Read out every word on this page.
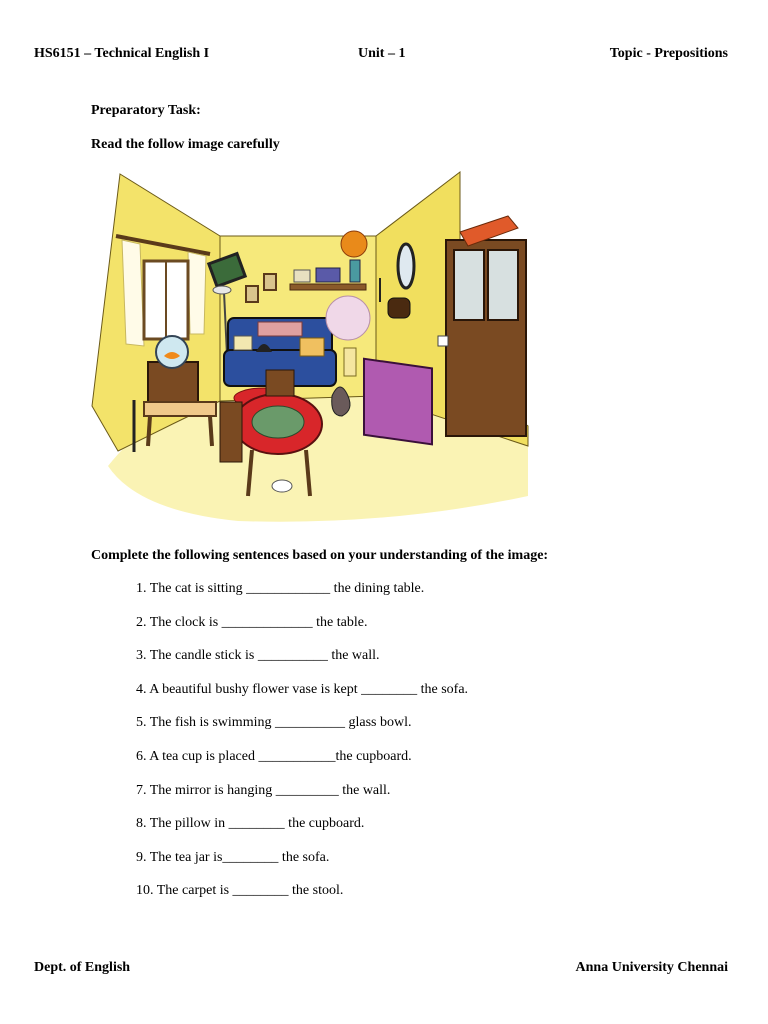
HS6151 – Technical English I	Unit – 1	Topic - Prepositions
Preparatory Task:
Read the follow image carefully
Complete the following sentences based on your understanding of the image:
1. The cat is sitting ____________ the dining table.
2. The clock is _____________ the table.
3. The candle stick is __________ the wall.
4. A beautiful bushy flower vase is kept ________ the sofa.
5. The fish is swimming __________ glass bowl.
6. A tea cup is placed ___________the cupboard.
7. The mirror is hanging _________ the wall.
8. The pillow in ________ the cupboard.
9. The tea jar is________ the sofa.
10. The carpet is ________ the stool.
Dept. of English	Anna University Chennai
